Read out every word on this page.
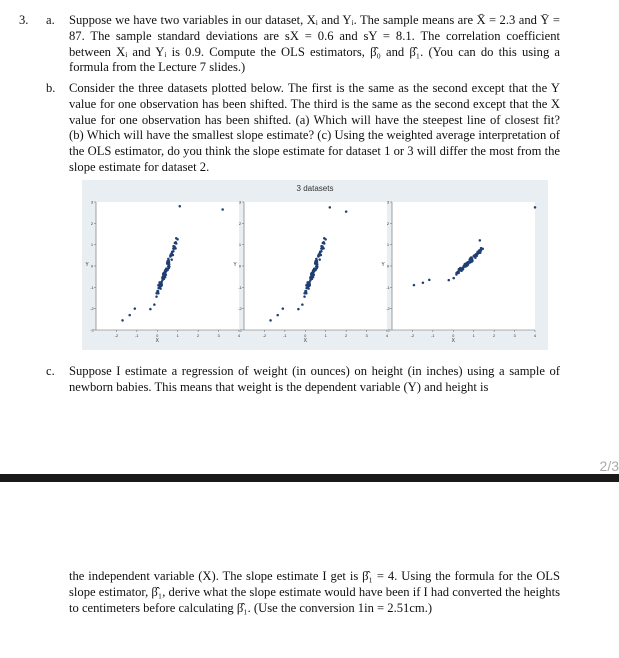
3. a. Suppose we have two variables in our dataset, Xᵢ and Yᵢ. The sample means are X̄ = 2.3 and Ȳ = 87. The sample standard deviations are sX = 0.6 and sY = 8.1. The correlation coefficient between Xᵢ and Yᵢ is 0.9. Compute the OLS estimators, β̂₀ and β̂₁. (You can do this using a formula from the Lecture 7 slides.)

b. Consider the three datasets plotted below. The first is the same as the second except that the Y value for one observation has been shifted. The third is the same as the second except that the X value for one observation has been shifted. (a) Which will have the steepest line of closest fit? (b) Which will have the smallest slope estimate? (c) Using the weighted average interpretation of the OLS estimator, do you think the slope estimate for dataset 1 or 3 will differ the most from the slope estimate for dataset 2.

3 datasets
-2	-1	0	1	2	3	4
-3
-2
-1
0
1
2
3
X
Y
-2	-1	0	1	2	3	4
-3
-2
-1
0
1
2
3
X
Y
-2	-1	0	1	2	3	4
-3
-2
-1
0
1
2
3
X
Y
c. Suppose I estimate a regression of weight (in ounces) on height (in inches) using a sample of newborn babies. This means that weight is the dependent variable (Y) and height is

2/3

the independent variable (X). The slope estimate I get is β̂₁ = 4. Using the formula for the OLS slope estimator, β̂₁, derive what the slope estimate would have been if I had converted the heights to centimeters before calculating β̂₁. (Use the conversion 1in = 2.51cm.)
